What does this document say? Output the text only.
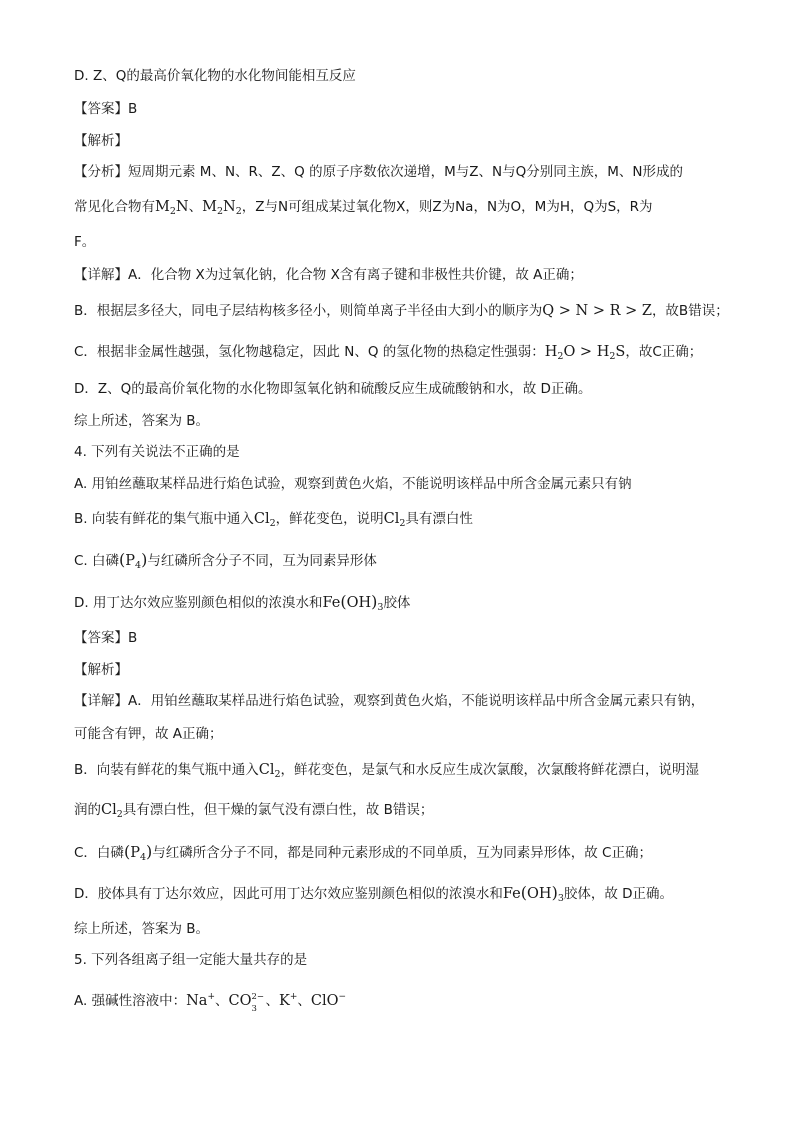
D. Z、Q的最高价氧化物的水化物间能相互反应
【答案】B
【解析】
【分析】短周期元素 M、N、R、Z、Q 的原子序数依次递增，M与Z、N与Q分别同主族，M、N形成的
常见化合物有$M_2N$、$M_2N_2$，Z与N可组成某过氧化物X，则Z为Na，N为O，M为H，Q为S，R为
F。
【详解】A．化合物 X为过氧化钠，化合物 X含有离子键和非极性共价键，故 A正确；
B．根据层多径大，同电子层结构核多径小，则简单离子半径由大到小的顺序为Q > N > R > Z，故B错误；
C．根据非金属性越强，氢化物越稳定，因此 N、Q 的氢化物的热稳定性强弱：$H_2O > H_2S$，故C正确；
D．Z、Q的最高价氧化物的水化物即氢氧化钠和硫酸反应生成硫酸钠和水，故 D正确。
综上所述，答案为 B。
4. 下列有关说法不正确的是
A. 用铂丝蘸取某样品进行焰色试验，观察到黄色火焰，不能说明该样品中所含金属元素只有钠
B. 向装有鲜花的集气瓶中通入$Cl_2$，鲜花变色，说明$Cl_2$具有漂白性
C. 白磷$(P_4)$与红磷所含分子不同，互为同素异形体
D. 用丁达尔效应鉴别颜色相似的浓溴水和$Fe(OH)_3$胶体
【答案】B
【解析】
【详解】A．用铂丝蘸取某样品进行焰色试验，观察到黄色火焰，不能说明该样品中所含金属元素只有钠，
可能含有钾，故 A正确；
B．向装有鲜花的集气瓶中通入$Cl_2$，鲜花变色，是氯气和水反应生成次氯酸，次氯酸将鲜花漂白，说明湿
润的$Cl_2$具有漂白性，但干燥的氯气没有漂白性，故 B错误；
C．白磷$(P_4)$与红磷所含分子不同，都是同种元素形成的不同单质，互为同素异形体，故 C正确；
D．胶体具有丁达尔效应，因此可用丁达尔效应鉴别颜色相似的浓溴水和$Fe(OH)_3$胶体，故 D正确。
综上所述，答案为 B。
5. 下列各组离子组一定能大量共存的是
A. 强碱性溶液中：Na+、CO 2−
3 、K+、ClO−
